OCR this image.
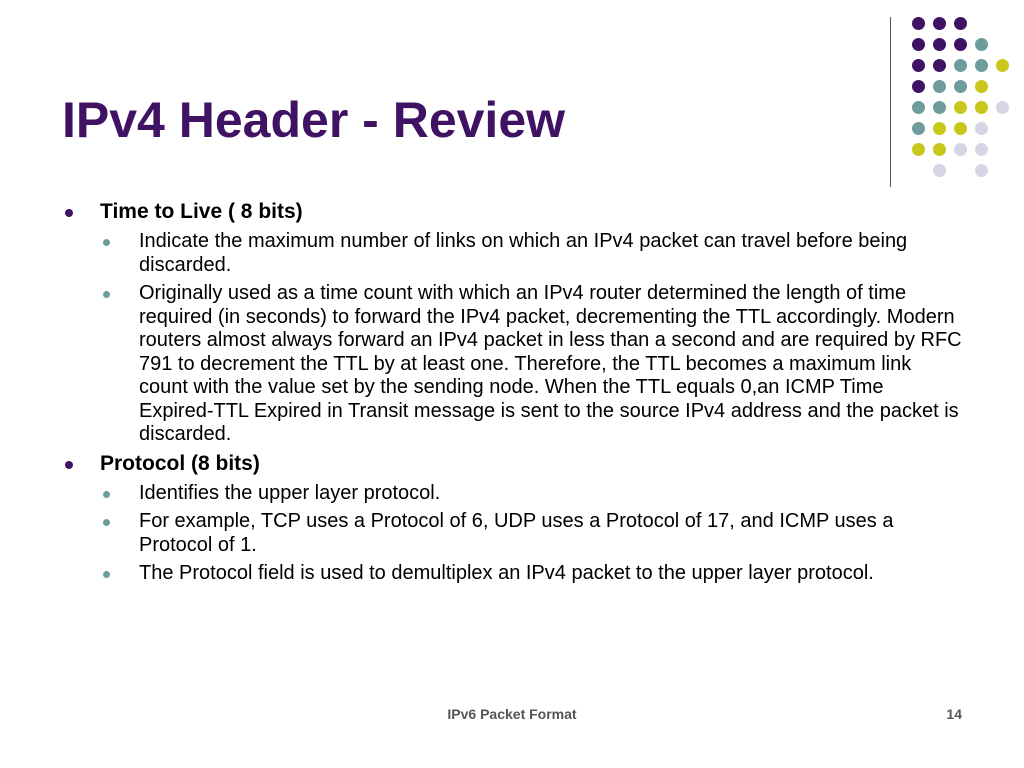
IPv4 Header - Review
Time to Live ( 8 bits)
Indicate the maximum number of links on which an IPv4 packet can travel before being discarded.
Originally used as a time count with which an IPv4 router determined the length of time required (in seconds) to forward the IPv4 packet, decrementing the TTL accordingly. Modern routers almost always forward an IPv4 packet in less than a second and are required by RFC 791 to decrement the TTL by at least one. Therefore, the TTL becomes a maximum link count with the value set by the sending node. When the TTL equals 0,an ICMP Time Expired-TTL Expired in Transit message is sent to the source IPv4 address and the packet is discarded.
Protocol (8 bits)
Identifies the upper layer protocol.
For example, TCP uses a Protocol of 6, UDP uses a Protocol of 17, and ICMP uses a Protocol of 1.
The Protocol field is used to demultiplex an IPv4 packet to the upper layer protocol.
IPv6 Packet Format	14
